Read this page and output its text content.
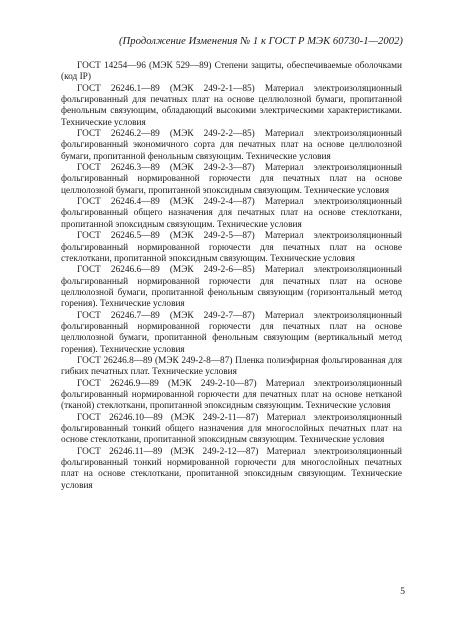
(Продолжение Изменения № 1 к ГОСТ Р МЭК 60730-1—2002)

ГОСТ 14254—96 (МЭК 529—89) Степени защиты, обеспечиваемые оболочками (код IP)

ГОСТ 26246.1—89 (МЭК 249-2-1—85) Материал электроизоляционный фольгированный для печатных плат на основе целлюлозной бумаги, пропитанной фенольным связующим, обладающий высокими электрическими характеристиками. Технические условия

ГОСТ 26246.2—89 (МЭК 249-2-2—85) Материал электроизоляционный фольгированный экономичного сорта для печатных плат на основе целлюлозной бумаги, пропитанной фенольным связующим. Технические условия

ГОСТ 26246.3—89 (МЭК 249-2-3—87) Материал электроизоляционный фольгированный нормированной горючести для печатных плат на основе целлюлозной бумаги, пропитанной эпоксидным связующим. Технические условия

ГОСТ 26246.4—89 (МЭК 249-2-4—87) Материал электроизоляционный фольгированный общего назначения для печатных плат на основе стеклоткани, пропитанной эпоксидным связующим. Технические условия

ГОСТ 26246.5—89 (МЭК 249-2-5—87) Материал электроизоляционный фольгированный нормированной горючести для печатных плат на основе стеклоткани, пропитанной эпоксидным связующим. Технические условия

ГОСТ 26246.6—89 (МЭК 249-2-6—85) Материал электроизоляционный фольгированный нормированной горючести для печатных плат на основе целлюлозной бумаги, пропитанной фенольным связующим (горизонтальный метод горения). Технические условия

ГОСТ 26246.7—89 (МЭК 249-2-7—87) Материал электроизоляционный фольгированный нормированной горючести для печатных плат на основе целлюлозной бумаги, пропитанной фенольным связующим (вертикальный метод горения). Технические условия

ГОСТ 26246.8—89 (МЭК 249-2-8—87) Пленка полиэфирная фольгированная для гибких печатных плат. Технические условия

ГОСТ 26246.9—89 (МЭК 249-2-10—87) Материал электроизоляционный фольгированный нормированной горючести для печатных плат на основе нетканой (тканой) стеклоткани, пропитанной эпоксидным связующим. Технические условия

ГОСТ 26246.10—89 (МЭК 249-2-11—87) Материал электроизоляционный фольгированный тонкий общего назначения для многослойных печатных плат на основе стеклоткани, пропитанной эпоксидным связующим. Технические условия

ГОСТ 26246.11—89 (МЭК 249-2-12—87) Материал электроизоляционный фольгированный тонкий нормированной горючести для многослойных печатных плат на основе стеклоткани, пропитанной эпоксидным связующим. Технические условия

5
